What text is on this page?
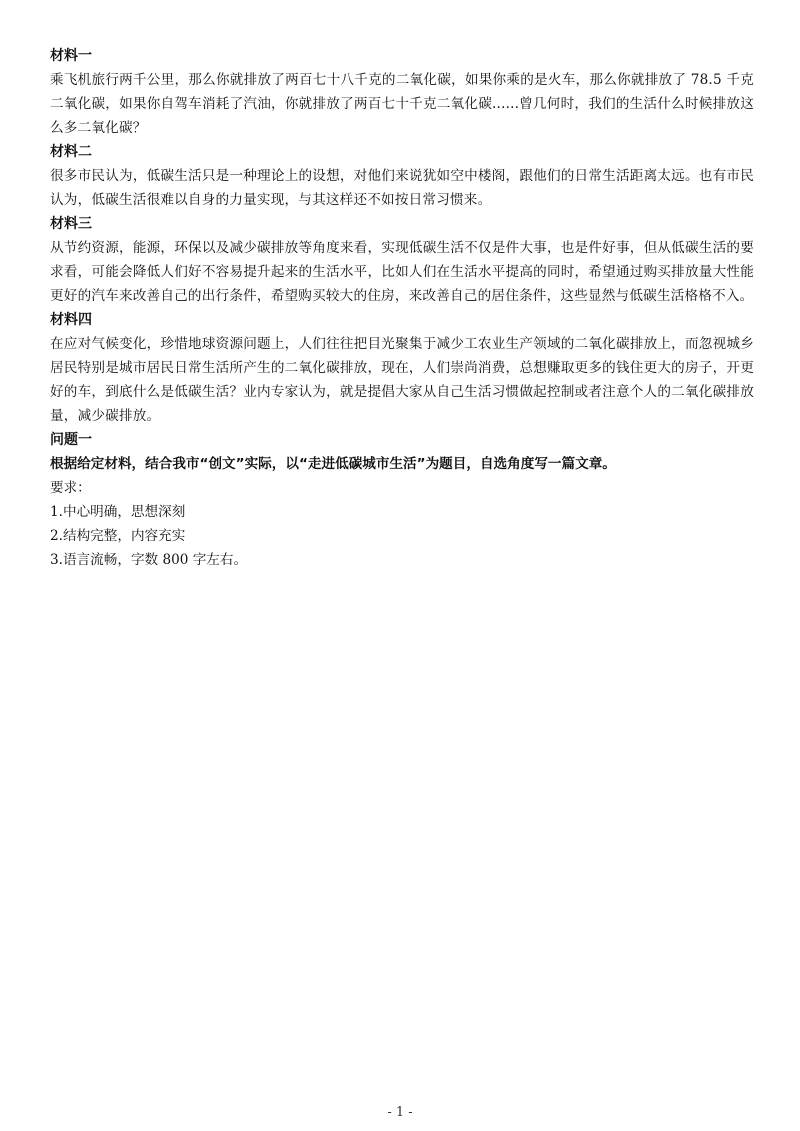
材料一

乘飞机旅行两千公里，那么你就排放了两百七十八千克的二氧化碳，如果你乘的是火车，那么你就排放了 78.5 千克二氧化碳，如果你自驾车消耗了汽油，你就排放了两百七十千克二氧化碳......曾几何时，我们的生活什么时候排放这么多二氧化碳？

材料二

很多市民认为，低碳生活只是一种理论上的设想，对他们来说犹如空中楼阁，跟他们的日常生活距离太远。也有市民认为，低碳生活很难以自身的力量实现，与其这样还不如按日常习惯来。

材料三

从节约资源，能源，环保以及减少碳排放等角度来看，实现低碳生活不仅是件大事，也是件好事，但从低碳生活的要求看，可能会降低人们好不容易提升起来的生活水平，比如人们在生活水平提高的同时，希望通过购买排放量大性能更好的汽车来改善自己的出行条件，希望购买较大的住房，来改善自己的居住条件，这些显然与低碳生活格格不入。

材料四

在应对气候变化，珍惜地球资源问题上，人们往往把目光聚集于减少工农业生产领域的二氧化碳排放上，而忽视城乡居民特别是城市居民日常生活所产生的二氧化碳排放，现在，人们崇尚消费，总想赚取更多的钱住更大的房子，开更好的车，到底什么是低碳生活？业内专家认为，就是提倡大家从自己生活习惯做起控制或者注意个人的二氧化碳排放量，减少碳排放。

问题一

根据给定材料，结合我市“创文”实际，以“走进低碳城市生活”为题目，自选角度写一篇文章。

要求：

1.中心明确，思想深刻

2.结构完整，内容充实

3.语言流畅，字数 800 字左右。

- 1 -
